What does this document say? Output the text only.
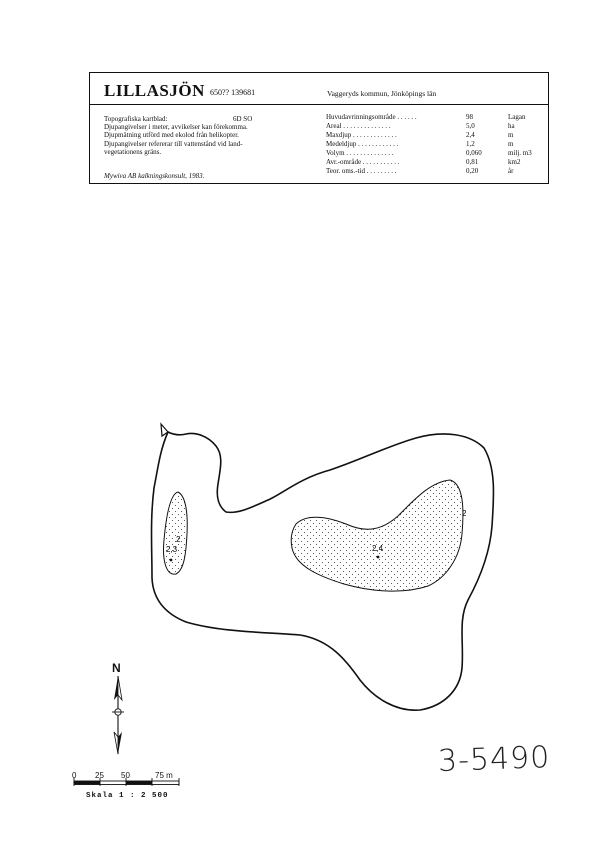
LILLASJÖN 650?? 139681	Vaggeryds kommun, Jönköpings län
Topografiska kartblad:
Djupangivelser i meter, avvikelser kan förekomma.
Djupmätning utförd med ekolod från helikopter.
Djupangivelser refererar till vattenstånd vid land-
vegetationens gräns.
6D SO
Mywiva AB kalkningskonsult, 1983.
Huvudavrinningsområde . . . . . .	98	Lagan
Areal . . . . . . . . . . . . . .	5,0	ha
Maxdjup . . . . . . . . . . . . .	2,4	m
Medeldjup . . . . . . . . . . . .	1,2	m
Volym . . . . . . . . . . . . . .	0,060	milj. m3
Avr.-område . . . . . . . . . . .	0,81	km2
Teor. oms.-tid . . . . . . . . .	0,20	år
2
2,3
2
2,4
N
0 25 50	75 m
Skala 1 : 2 500
3-5490
